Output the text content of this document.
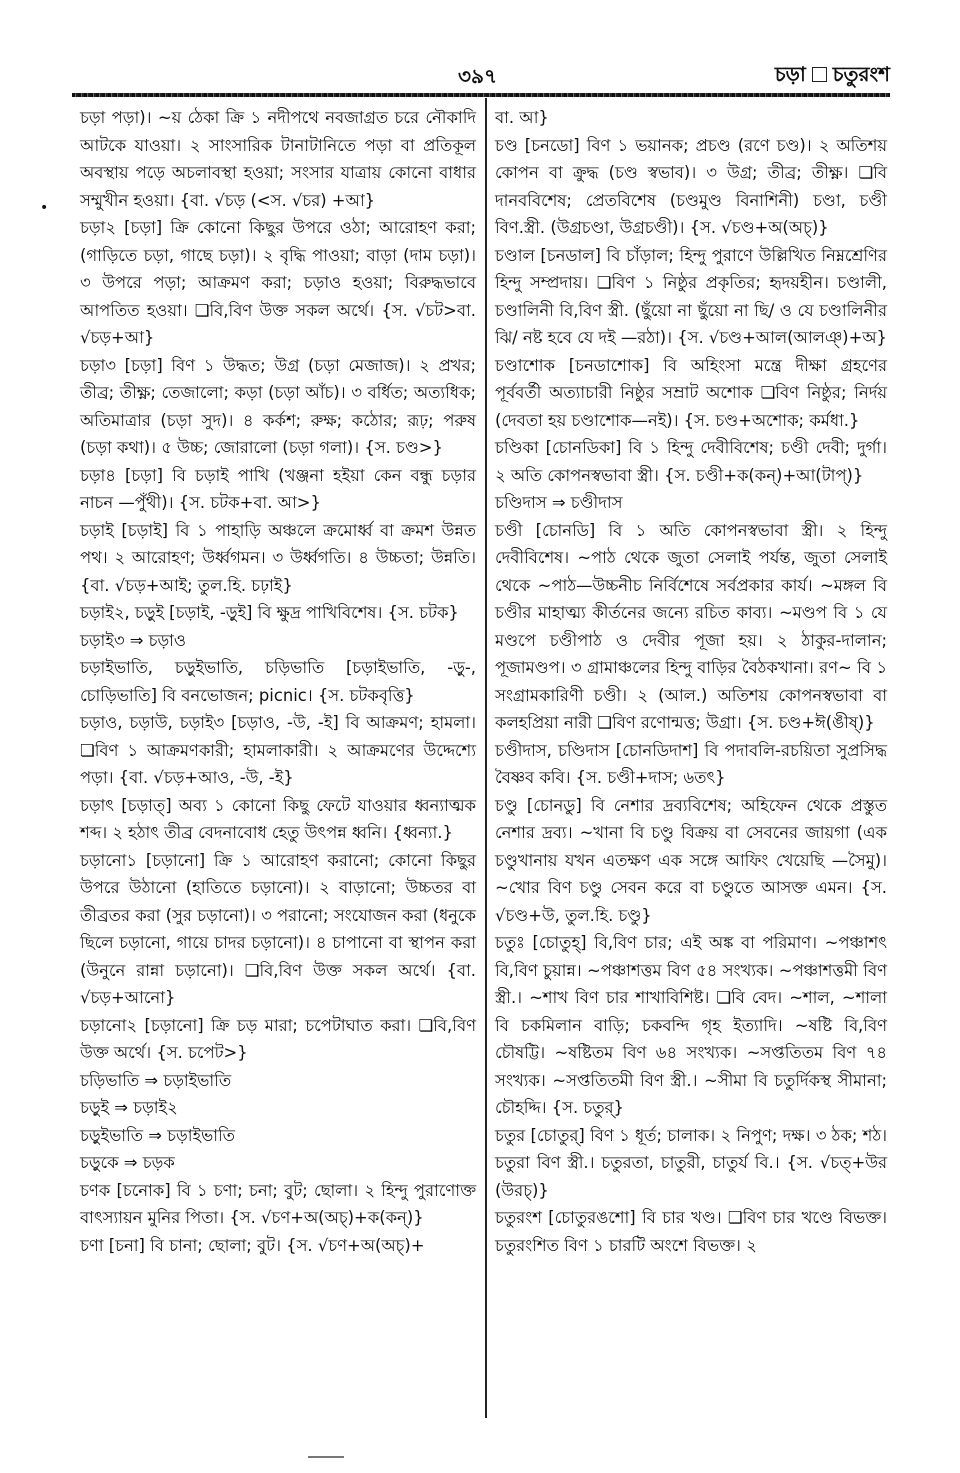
৩৯৭	চড়া চতুরংশ

চড়া পড়া)। ~য় ঠেকা ক্রি ১ নদীপথে নবজাগ্রত চরে নৌকাদি আটকে যাওয়া। ২ সাংসারিক টানাটানিতে পড়া বা প্রতিকূল অবস্থায় পড়ে অচলাবস্থা হওয়া; সংসার যাত্রায় কোনো বাধার সম্মুখীন হওয়া। {বা. √চড় (<স. √চর) +আ}

চড়া২ [চড়া] ক্রি কোনো কিছুর উপরে ওঠা; আরোহণ করা; (গাড়িতে চড়া, গাছে চড়া)। ২ বৃদ্ধি পাওয়া; বাড়া (দাম চড়া)। ৩ উপরে পড়া; আক্রমণ করা; চড়াও হওয়া; বিরুদ্ধভাবে আপতিত হওয়া। ❏বি,বিণ উক্ত সকল অর্থে। {স. √চট>বা. √চড়+আ}

চড়া৩ [চড়া] বিণ ১ উদ্ধত; উগ্র (চড়া মেজাজ)। ২ প্রখর; তীব্র; তীক্ষ্ণ; তেজালো; কড়া (চড়া আঁচ)। ৩ বর্ধিত; অত্যধিক; অতিমাত্রার (চড়া সুদ)। ৪ কর্কশ; রুক্ষ; কঠোর; রূঢ়; পরুষ (চড়া কথা)। ৫ উচ্চ; জোরালো (চড়া গলা)। {স. চণ্ড>}

চড়া৪ [চড়া] বি চড়াই পাখি (খঞ্জনা হইয়া কেন বন্ধু চড়ার নাচন —পুঁথী)। {স. চটক+বা. আ>}

চড়াই [চড়াই] বি ১ পাহাড়ি অঞ্চলে ক্রমোর্ধ্ব বা ক্রমশ উন্নত পথ। ২ আরোহণ; উর্ধ্বগমন। ৩ উর্ধ্বগতি। ৪ উচ্চতা; উন্নতি। {বা. √চড়+আই; তুল.হি. চঢ়াই}

চড়াই২, চড়ুই [চড়াই, -ড়ুই] বি ক্ষুদ্র পাখিবিশেষ। {স. চটক}

চড়াই৩ ⇒ চড়াও

চড়াইভাতি, চড়ুইভাতি, চড়িভাতি [চড়াইভাতি, -ড়ু-, চোড়িভাতি] বি বনভোজন; picnic। {স. চটকবৃত্তি}

চড়াও, চড়াউ, চড়াই৩ [চড়াও, -উ, -ই] বি আক্রমণ; হামলা। ❏বিণ ১ আক্রমণকারী; হামলাকারী। ২ আক্রমণের উদ্দেশ্যে পড়া। {বা. √চড়+আও, -উ, -ই}

চড়াৎ [চড়াত্] অব্য ১ কোনো কিছু ফেটে যাওয়ার ধ্বন্যাত্মক শব্দ। ২ হঠাৎ তীব্র বেদনাবোধ হেতু উৎপন্ন ধ্বনি। {ধ্বন্যা.}

চড়ানো১ [চড়ানো] ক্রি ১ আরোহণ করানো; কোনো কিছুর উপরে উঠানো (হাতিতে চড়ানো)। ২ বাড়ানো; উচ্চতর বা তীব্রতর করা (সুর চড়ানো)। ৩ পরানো; সংযোজন করা (ধনুকে ছিলে চড়ানো, গায়ে চাদর চড়ানো)। ৪ চাপানো বা স্থাপন করা (উনুনে রান্না চড়ানো)। ❏বি,বিণ উক্ত সকল অর্থে। {বা. √চড়+আনো}

চড়ানো২ [চড়ানো] ক্রি চড় মারা; চপেটাঘাত করা। ❏বি,বিণ উক্ত অর্থে। {স. চপেট>}

চড়িভাতি ⇒ চড়াইভাতি

চড়ুই ⇒ চড়াই২

চড়ুইভাতি ⇒ চড়াইভাতি

চড়ুকে ⇒ চড়ক

চণক [চনোক] বি ১ চণা; চনা; বুট; ছোলা। ২ হিন্দু পুরাণোক্ত বাৎস্যায়ন মুনির পিতা। {স. √চণ+অ(অচ্)+ক(কন্)}

চণা [চনা] বি চানা; ছোলা; বুট। {স. √চণ+অ(অচ্)+

বা. আ}

চণ্ড [চনডো] বিণ ১ ভয়ানক; প্রচণ্ড (রণে চণ্ড)। ২ অতিশয় কোপন বা ক্রুদ্ধ (চণ্ড স্বভাব)। ৩ উগ্র; তীব্র; তীক্ষ্ণ। ❏বি দানববিশেষ; প্রেতবিশেষ (চণ্ডমুণ্ড বিনাশিনী) চণ্ডা, চণ্ডী বিণ.স্ত্রী. (উগ্রচণ্ডা, উগ্রচণ্ডী)। {স. √চণ্ড+অ(অচ্)}

চণ্ডাল [চনডাল] বি চাঁড়াল; হিন্দু পুরাণে উল্লিখিত নিম্নশ্রেণির হিন্দু সম্প্রদায়। ❏বিণ ১ নিষ্ঠুর প্রকৃতির; হৃদয়হীন। চণ্ডালী, চণ্ডালিনী বি,বিণ স্ত্রী. (ছুঁয়ো না ছুঁয়ো না ছি/ ও যে চণ্ডালিনীর ঝি/ নষ্ট হবে যে দই —রঠা)। {স. √চণ্ড+আল(আলঞ্)+অ}

চণ্ডাশোক [চনডাশোক] বি অহিংসা মন্ত্রে দীক্ষা গ্রহণের পূর্ববর্তী অত্যাচারী নিষ্ঠুর সম্রাট অশোক ❏বিণ নিষ্ঠুর; নির্দয় (দেবতা হয় চণ্ডাশোক—নই)। {স. চণ্ড+অশোক; কর্মধা.}

চণ্ডিকা [চোনডিকা] বি ১ হিন্দু দেবীবিশেষ; চণ্ডী দেবী; দুর্গা। ২ অতি কোপনস্বভাবা স্ত্রী। {স. চণ্ডী+ক(কন্)+আ(টাপ্)}

চণ্ডিদাস ⇒ চণ্ডীদাস

চণ্ডী [চোনডি] বি ১ অতি কোপনস্বভাবা স্ত্রী। ২ হিন্দু দেবীবিশেষ। ~পাঠ থেকে জুতা সেলাই পর্যন্ত, জুতা সেলাই থেকে ~পাঠ—উচ্চনীচ নির্বিশেষে সর্বপ্রকার কার্য। ~মঙ্গল বি চণ্ডীর মাহাত্ম্য কীর্তনের জন্যে রচিত কাব্য। ~মণ্ডপ বি ১ যে মণ্ডপে চণ্ডীপাঠ ও দেবীর পূজা হয়। ২ ঠাকুর-দালান; পূজামণ্ডপ। ৩ গ্রামাঞ্চলের হিন্দু বাড়ির বৈঠকখানা। রণ~ বি ১ সংগ্রামকারিণী চণ্ডী। ২ (আল.) অতিশয় কোপনস্বভাবা বা কলহপ্রিয়া নারী ❏বিণ রণোন্মত্ত; উগ্রা। {স. চণ্ড+ঈ(ঙীষ্)}

চণ্ডীদাস, চণ্ডিদাস [চোনডিদাশ] বি পদাবলি-রচয়িতা সুপ্রসিদ্ধ বৈষ্ণব কবি। {স. চণ্ডী+দাস; ৬তৎ}

চণ্ডু [চোনডু] বি নেশার দ্রব্যবিশেষ; অহিফেন থেকে প্রস্তুত নেশার দ্রব্য। ~খানা বি চণ্ডু বিক্রয় বা সেবনের জায়গা (এক চণ্ডুখানায় যখন এতক্ষণ এক সঙ্গে আফিং খেয়েছি —সৈমু)। ~খোর বিণ চণ্ডু সেবন করে বা চণ্ডুতে আসক্ত এমন। {স. √চণ্ড+উ, তুল.হি. চণ্ডু}

চতুঃ [চোতুহ্] বি,বিণ চার; এই অঙ্ক বা পরিমাণ। ~পঞ্চাশৎ বি,বিণ চুয়ান্ন। ~পঞ্চাশত্তম বিণ ৫৪ সংখ্যক। ~পঞ্চাশত্তমী বিণ স্ত্রী.। ~শাখ বিণ চার শাখাবিশিষ্ট। ❏বি বেদ। ~শাল, ~শালা বি চকমিলান বাড়ি; চকবন্দি গৃহ ইত্যাদি। ~ষষ্টি বি,বিণ চৌষট্টি। ~ষষ্টিতম বিণ ৬৪ সংখ্যক। ~সপ্ততিতম বিণ ৭৪ সংখ্যক। ~সপ্ততিতমী বিণ স্ত্রী.। ~সীমা বি চতুর্দিকস্থ সীমানা; চৌহদ্দি। {স. চতুর্}

চতুর [চোতুর্] বিণ ১ ধূর্ত; চালাক। ২ নিপুণ; দক্ষ। ৩ ঠক; শঠ। চতুরা বিণ স্ত্রী.। চতুরতা, চাতুরী, চাতুর্য বি.। {স. √চত্+উর (উরচ্)}

চতুরংশ [চোতুরঙশো] বি চার খণ্ড। ❏বিণ চার খণ্ডে বিভক্ত। চতুরংশিত বিণ ১ চারটি অংশে বিভক্ত। ২

•
